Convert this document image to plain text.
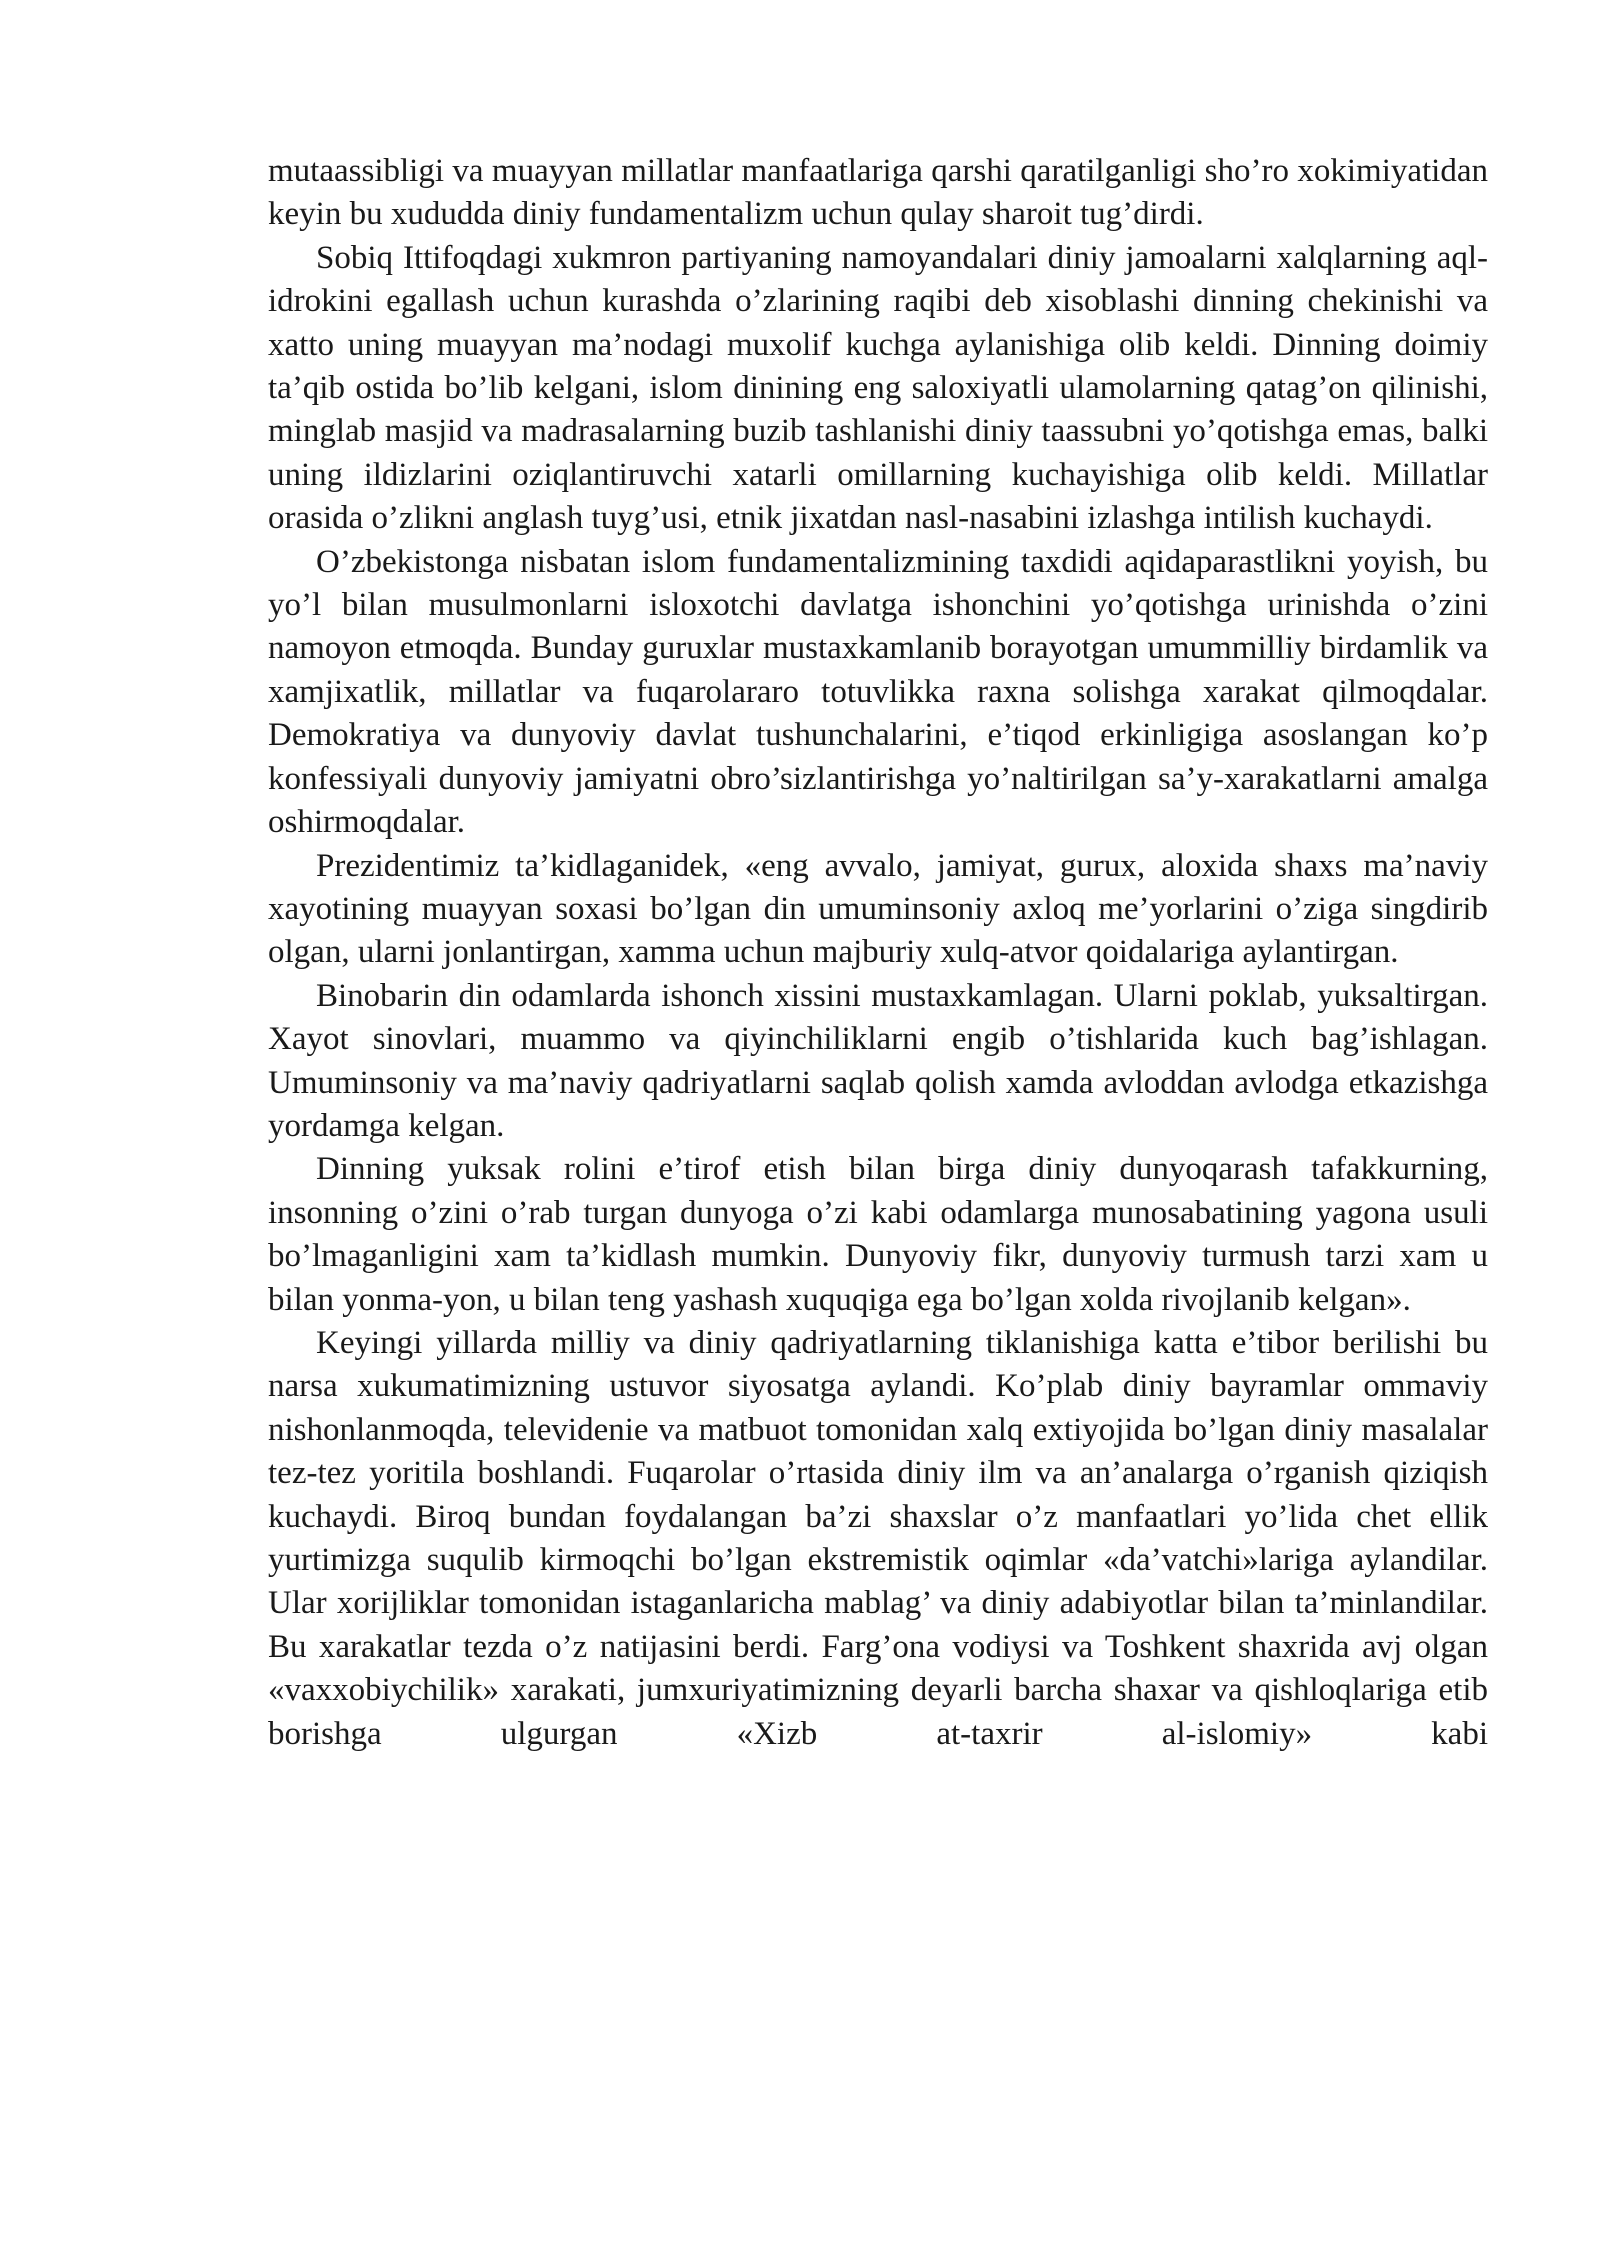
mutaassibligi va muayyan millatlar manfaatlariga qarshi qaratilganligi sho’ro xokimiyatidan keyin bu xududda diniy fundamentalizm uchun qulay sharoit tug’dirdi.

Sobiq Ittifoqdagi xukmron partiyaning namoyandalari diniy jamoalarni xalqlarning aql-idrokini egallash uchun kurashda o’zlarining raqibi deb xisoblashi dinning chekinishi va xatto uning muayyan ma’nodagi muxolif kuchga aylanishiga olib keldi. Dinning doimiy ta’qib ostida bo’lib kelgani, islom dinining eng saloxiyatli ulamolarning qatag’on qilinishi, minglab masjid va madrasalarning buzib tashlanishi diniy taassubni yo’qotishga emas, balki uning ildizlarini oziqlantiruvchi xatarli omillarning kuchayishiga olib keldi. Millatlar orasida o’zlikni anglash tuyg’usi, etnik jixatdan nasl-nasabini izlashga intilish kuchaydi.

O’zbekistonga nisbatan islom fundamentalizmining taxdidi aqidaparastlikni yoyish, bu yo’l bilan musulmonlarni isloxotchi davlatga ishonchini yo’qotishga urinishda o’zini namoyon etmoqda. Bunday guruxlar mustaxkamlanib borayotgan umummilliy birdamlik va xamjixatlik, millatlar va fuqarolararo totuvlikka raxna solishga xarakat qilmoqdalar. Demokratiya va dunyoviy davlat tushunchalarini, e’tiqod erkinligiga asoslangan ko’p konfessiyali dunyoviy jamiyatni obro’sizlantirishga yo’naltirilgan sa’y-xarakatlarni amalga oshirmoqdalar.

Prezidentimiz ta’kidlaganidek, «eng avvalo, jamiyat, gurux, aloxida shaxs ma’naviy xayotining muayyan soxasi bo’lgan din umuminsoniy axloq me’yorlarini o’ziga singdirib olgan, ularni jonlantirgan, xamma uchun majburiy xulq-atvor qoidalariga aylantirgan.

Binobarin din odamlarda ishonch xissini mustaxkamlagan. Ularni poklab, yuksaltirgan. Xayot sinovlari, muammo va qiyinchiliklarni engib o’tishlarida kuch bag’ishlagan. Umuminsoniy va ma’naviy qadriyatlarni saqlab qolish xamda avloddan avlodga etkazishga yordamga kelgan.

Dinning yuksak rolini e’tirof etish bilan birga diniy dunyoqarash tafakkurning, insonning o’zini o’rab turgan dunyoga o’zi kabi odamlarga munosabatining yagona usuli bo’lmaganligini xam ta’kidlash mumkin. Dunyoviy fikr, dunyoviy turmush tarzi xam u bilan yonma-yon, u bilan teng yashash xuquqiga ega bo’lgan xolda rivojlanib kelgan».

Keyingi yillarda milliy va diniy qadriyatlarning tiklanishiga katta e’tibor berilishi bu narsa xukumatimizning ustuvor siyosatga aylandi. Ko’plab diniy bayramlar ommaviy nishonlanmoqda, televidenie va matbuot tomonidan xalq extiyojida bo’lgan diniy masalalar tez-tez yoritila boshlandi. Fuqarolar o’rtasida diniy ilm va an’analarga o’rganish qiziqish kuchaydi. Biroq bundan foydalangan ba’zi shaxslar o’z manfaatlari yo’lida chet ellik yurtimizga suqulib kirmoqchi bo’lgan ekstremistik oqimlar «da’vatchi»lariga aylandilar. Ular xorijliklar tomonidan istaganlaricha mablag’ va diniy adabiyotlar bilan ta’minlandilar. Bu xarakatlar tezda o’z natijasini berdi. Farg’ona vodiysi va Toshkent shaxrida avj olgan «vaxxobiychilik» xarakati, jumxuriyatimizning deyarli barcha shaxar va qishloqlariga etib borishga ulgurgan «Xizb at-taxrir al-islomiy» kabi
